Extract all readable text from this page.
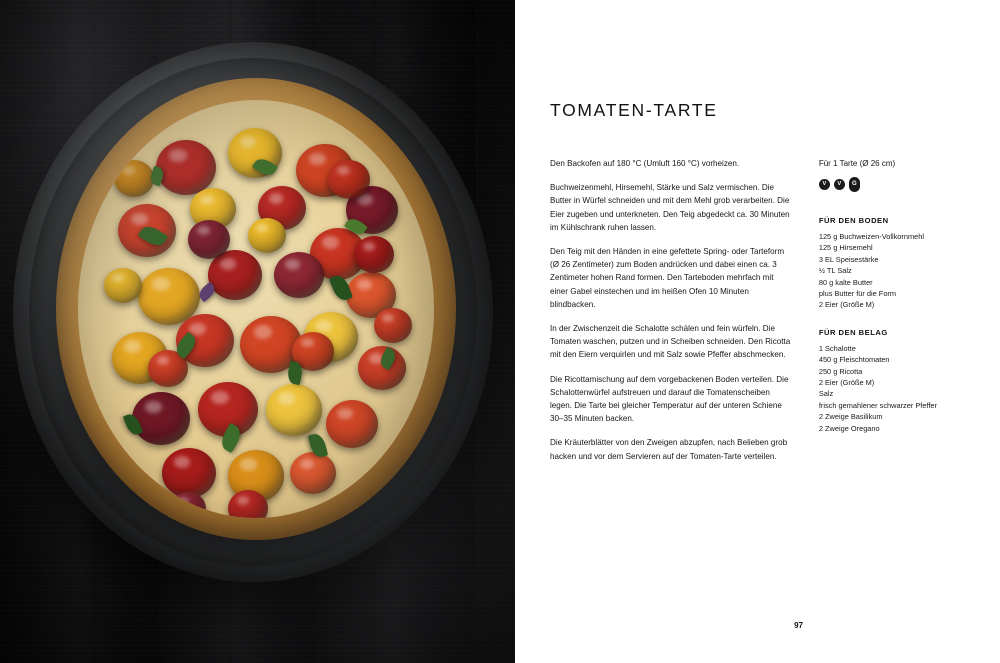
TOMATEN-TARTE

Den Backofen auf 180 °C (Umluft 160 °C) vorheizen.

Buchweizenmehl, Hirsemehl, Stärke und Salz vermischen. Die Butter in Würfel schneiden und mit dem Mehl grob verarbeiten. Die Eier zugeben und unterkneten. Den Teig abgedeckt ca. 30 Minuten im Kühlschrank ruhen lassen.

Den Teig mit den Händen in eine gefettete Spring- oder Tarteform (Ø 26 Zentimeter) zum Boden andrücken und dabei einen ca. 3 Zentimeter hohen Rand formen. Den Tarteboden mehrfach mit einer Gabel einstechen und im heißen Ofen 10 Minuten blindbacken.

In der Zwischenzeit die Schalotte schälen und fein würfeln. Die Tomaten waschen, putzen und in Scheiben schneiden. Den Ricotta mit den Eiern verquirlen und mit Salz sowie Pfeffer abschmecken.

Die Ricottamischung auf dem vorgebackenen Boden verteilen. Die Schalottenwürfel aufstreuen und darauf die Tomatenscheiben legen. Die Tarte bei gleicher Temperatur auf der unteren Schiene 30–35 Minuten backen.

Die Kräuterblätter von den Zweigen abzupfen, nach Belieben grob hacken und vor dem Servieren auf der Tomaten-Tarte verteilen.

Für 1 Tarte (Ø 26 cm)
V	V	G
FÜR DEN BODEN
125 g Buchweizen-Vollkornmehl
125 g Hirsemehl
3 EL Speisestärke
½ TL Salz
80 g kalte Butter
plus Butter für die Form
2 Eier (Größe M)
FÜR DEN BELAG
1 Schalotte
450 g Fleischtomaten
250 g Ricotta
2 Eier (Größe M)
Salz
frisch gemahlener schwarzer Pfeffer
2 Zweige Basilikum
2 Zweige Oregano
97
